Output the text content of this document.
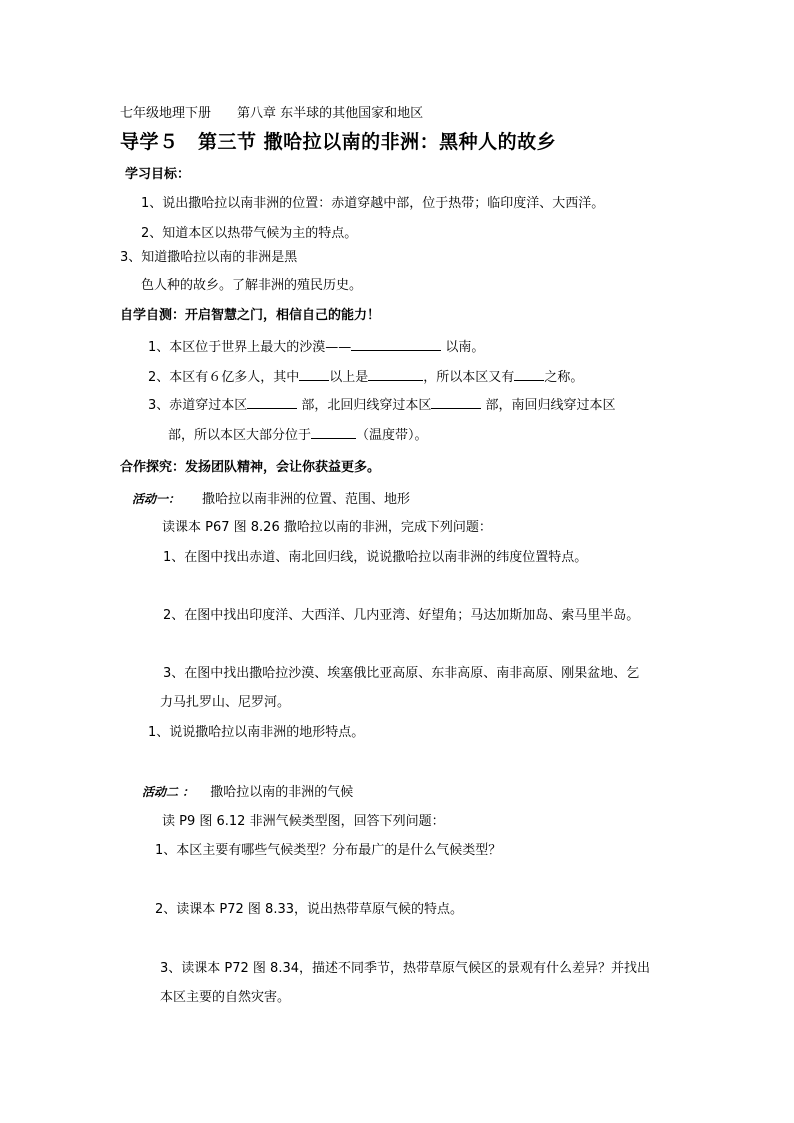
七年级地理下册　　第八章 东半球的其他国家和地区
导学５　第三节 撒哈拉以南的非洲：黑种人的故乡
学习目标：
1、说出撒哈拉以南非洲的位置：赤道穿越中部，位于热带；临印度洋、大西洋。
2、知道本区以热带气候为主的特点。
3、知道撒哈拉以南的非洲是黑
色人种的故乡。了解非洲的殖民历史。
自学自测：开启智慧之门，相信自己的能力！
1、本区位于世界上最大的沙漠——	以南。
2、本区有６亿多人，其中 以上是	，所以本区又有 之称。
3、赤道穿过本区	部，北回归线穿过本区	部，南回归线穿过本区
部，所以本区大部分位于	（温度带）。
合作探究：发扬团队精神，会让你获益更多。
活动一： 撒哈拉以南非洲的位置、范围、地形
读课本 P67 图 8.26 撒哈拉以南的非洲，完成下列问题：
1、在图中找出赤道、南北回归线，说说撒哈拉以南非洲的纬度位置特点。
2、在图中找出印度洋、大西洋、几内亚湾、好望角；马达加斯加岛、索马里半岛。
3、在图中找出撒哈拉沙漠、埃塞俄比亚高原、东非高原、南非高原、刚果盆地、乞
力马扎罗山、尼罗河。
1、说说撒哈拉以南非洲的地形特点。
活动二 ： 撒哈拉以南的非洲的气候
读 P9 图 6.12 非洲气候类型图，回答下列问题：
1、本区主要有哪些气候类型？分布最广的是什么气候类型？
2、读课本 P72 图 8.33，说出热带草原气候的特点。
3、读课本 P72 图 8.34，描述不同季节，热带草原气候区的景观有什么差异？并找出
本区主要的自然灾害。
